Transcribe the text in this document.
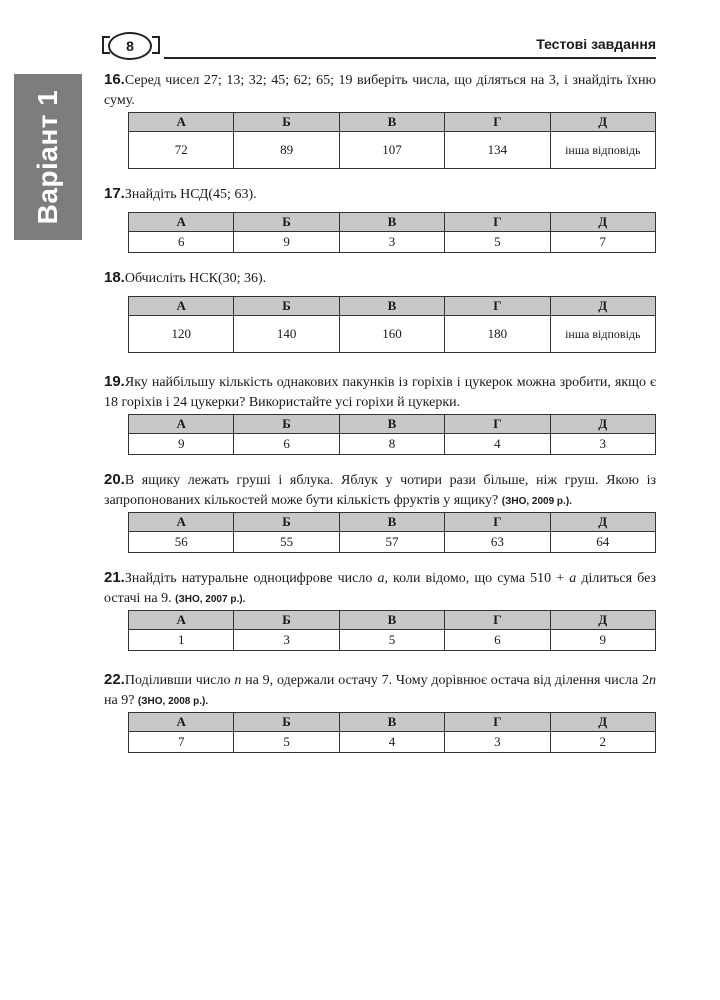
Варіант 1
8	Тестові завдання

16.Серед чисел 27; 13; 32; 45; 62; 65; 19 виберіть числа, що діляться на 3, і знайдіть їхню суму.

А	Б	В	Г	Д
72	89	107	134	інша відповідь

17.Знайдіть НСД(45; 63).

А	Б	В	Г	Д
6	9	3	5	7

18.Обчисліть НСК(30; 36).

А	Б	В	Г	Д
120	140	160	180	інша відповідь

19.Яку найбільшу кількість однакових пакунків із горіхів і цукерок можна зробити, якщо є 18 горіхів і 24 цукерки? Використайте усі горіхи й цукерки.

А	Б	В	Г	Д
9	6	8	4	3

20.В ящику лежать груші і яблука. Яблук у чотири рази більше, ніж груш. Якою із запропонованих кількостей може бути кількість фруктів у ящику? (ЗНО, 2009 р.).

А	Б	В	Г	Д
56	55	57	63	64

21.Знайдіть натуральне одноцифрове число a, коли відомо, що сума 510 + a ділиться без остачі на 9. (ЗНО, 2007 р.).

А	Б	В	Г	Д
1	3	5	6	9

22.Поділивши число n на 9, одержали остачу 7. Чому дорівнює остача від ділення числа 2n на 9? (ЗНО, 2008 р.).

А	Б	В	Г	Д
7	5	4	3	2
